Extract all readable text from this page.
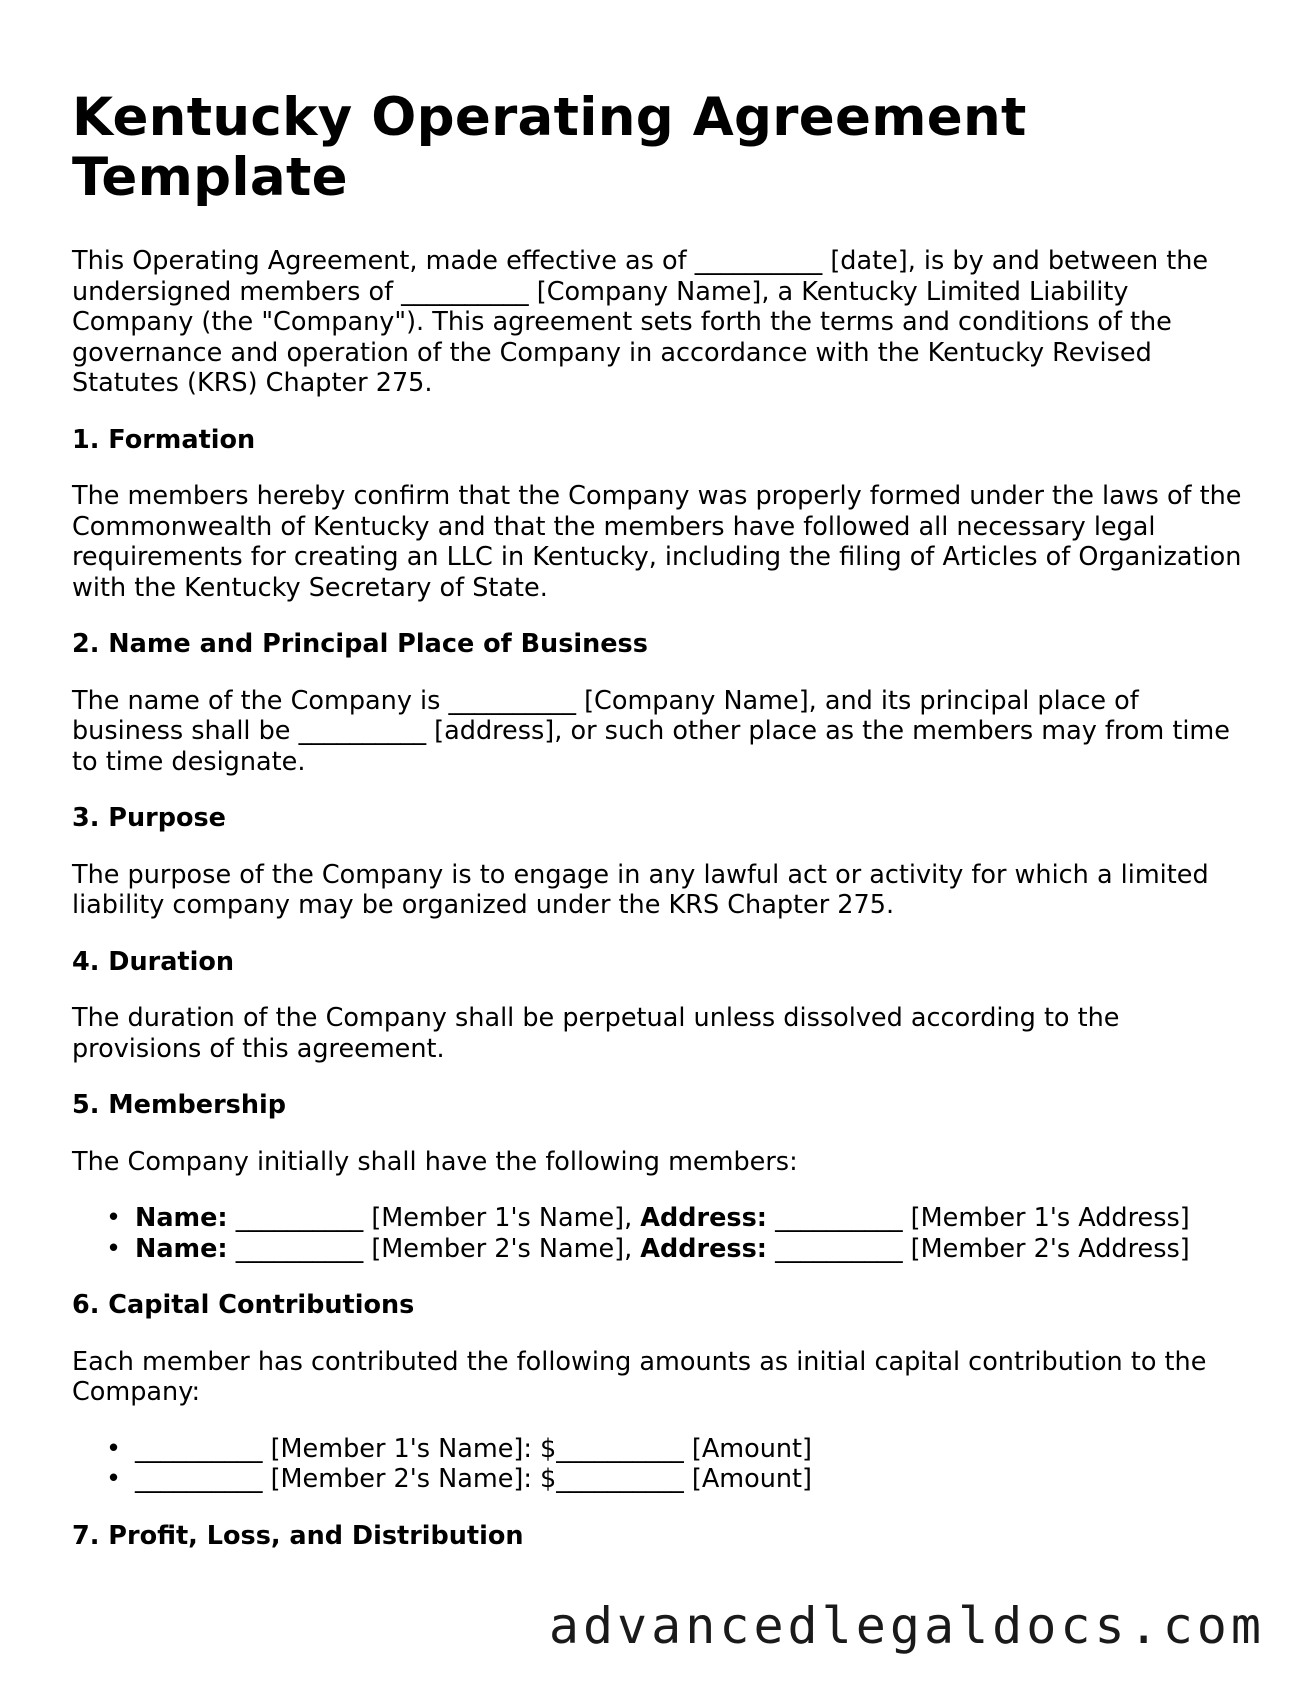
Kentucky Operating Agreement Template

This Operating Agreement, made effective as of __________ [date], is by and between the undersigned members of __________ [Company Name], a Kentucky Limited Liability Company (the "Company"). This agreement sets forth the terms and conditions of the governance and operation of the Company in accordance with the Kentucky Revised Statutes (KRS) Chapter 275.

1. Formation

The members hereby confirm that the Company was properly formed under the laws of the Commonwealth of Kentucky and that the members have followed all necessary legal requirements for creating an LLC in Kentucky, including the filing of Articles of Organization with the Kentucky Secretary of State.

2. Name and Principal Place of Business

The name of the Company is __________ [Company Name], and its principal place of business shall be __________ [address], or such other place as the members may from time to time designate.

3. Purpose

The purpose of the Company is to engage in any lawful act or activity for which a limited liability company may be organized under the KRS Chapter 275.

4. Duration

The duration of the Company shall be perpetual unless dissolved according to the provisions of this agreement.

5. Membership

The Company initially shall have the following members:

• Name: __________ [Member 1's Name], Address: __________ [Member 1's Address]
• Name: __________ [Member 2's Name], Address: __________ [Member 2's Address]
6. Capital Contributions

Each member has contributed the following amounts as initial capital contribution to the Company:

• __________ [Member 1's Name]: $__________ [Amount]
• __________ [Member 2's Name]: $__________ [Amount]
7. Profit, Loss, and Distribution
advancedlegaldocs.com
